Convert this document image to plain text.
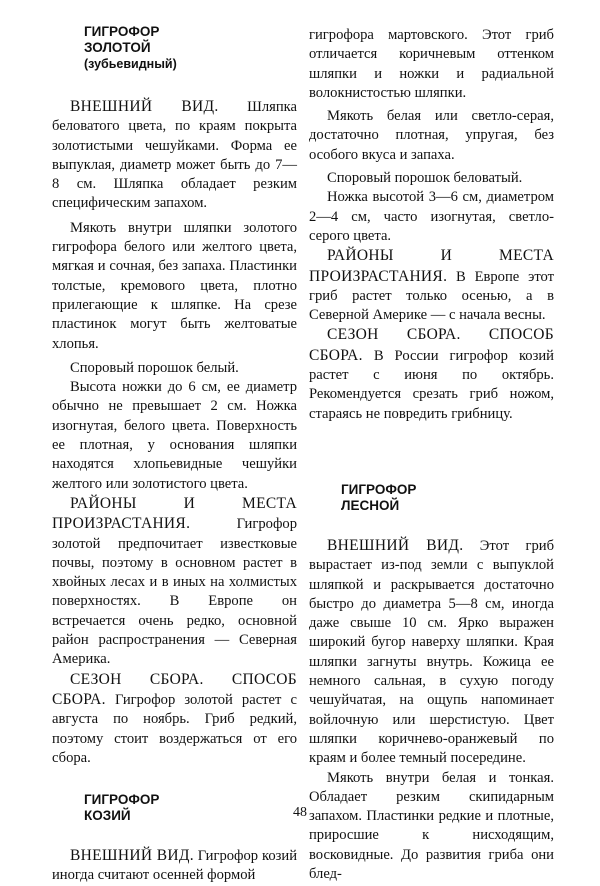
ГИГРОФОР
ЗОЛОТОЙ
(зубьевидный)

ВНЕШНИЙ ВИД. Шляпка беловатого цвета, по краям покрыта золотистыми чешуйками. Форма ее выпуклая, диаметр может быть до 7—8 см. Шляпка обладает резким специфическим запахом.

Мякоть внутри шляпки золотого гигрофора белого или желтого цвета, мягкая и сочная, без запаха. Пластинки толстые, кремового цвета, плотно прилегающие к шляпке. На срезе пластинок могут быть желтоватые хлопья.

Споровый порошок белый.

Высота ножки до 6 см, ее диаметр обычно не превышает 2 см. Ножка изогнутая, белого цвета. Поверхность ее плотная, у основания шляпки находятся хлопьевидные чешуйки желтого или золотистого цвета.

РАЙОНЫ И МЕСТА ПРОИЗРАСТАНИЯ. Гигрофор золотой предпочитает известковые почвы, поэтому в основном растет в хвойных лесах и в иных на холмистых поверхностях. В Европе он встречается очень редко, основной район распространения — Северная Америка.

СЕЗОН СБОРА. СПОСОБ СБОРА. Гигрофор золотой растет с августа по ноябрь. Гриб редкий, поэтому стоит воздержаться от его сбора.

ГИГРОФОР
КОЗИЙ

ВНЕШНИЙ ВИД. Гигрофор козий иногда считают осенней формой

гигрофора мартовского. Этот гриб отличается коричневым оттенком шляпки и ножки и радиальной волокнистостью шляпки.

Мякоть белая или светло-серая, достаточно плотная, упругая, без особого вкуса и запаха.

Споровый порошок беловатый.

Ножка высотой 3—6 см, диаметром 2—4 см, часто изогнутая, светло-серого цвета.

РАЙОНЫ И МЕСТА ПРОИЗРАСТАНИЯ. В Европе этот гриб растет только осенью, а в Северной Америке — с начала весны.

СЕЗОН СБОРА. СПОСОБ СБОРА. В России гигрофор козий растет с июня по октябрь. Рекомендуется срезать гриб ножом, стараясь не повредить грибницу.

ГИГРОФОР
ЛЕСНОЙ

ВНЕШНИЙ ВИД. Этот гриб вырастает из-под земли с выпуклой шляпкой и раскрывается достаточно быстро до диаметра 5—8 см, иногда даже свыше 10 см. Ярко выражен широкий бугор наверху шляпки. Края шляпки загнуты внутрь. Кожица ее немного сальная, в сухую погоду чешуйчатая, на ощупь напоминает войлочную или шерстистую. Цвет шляпки коричнево-оранжевый по краям и более темный посередине.

Мякоть внутри белая и тонкая. Обладает резким скипидарным запахом. Пластинки редкие и плотные, приросшие к нисходящим, восковидные. До развития гриба они блед-

48
